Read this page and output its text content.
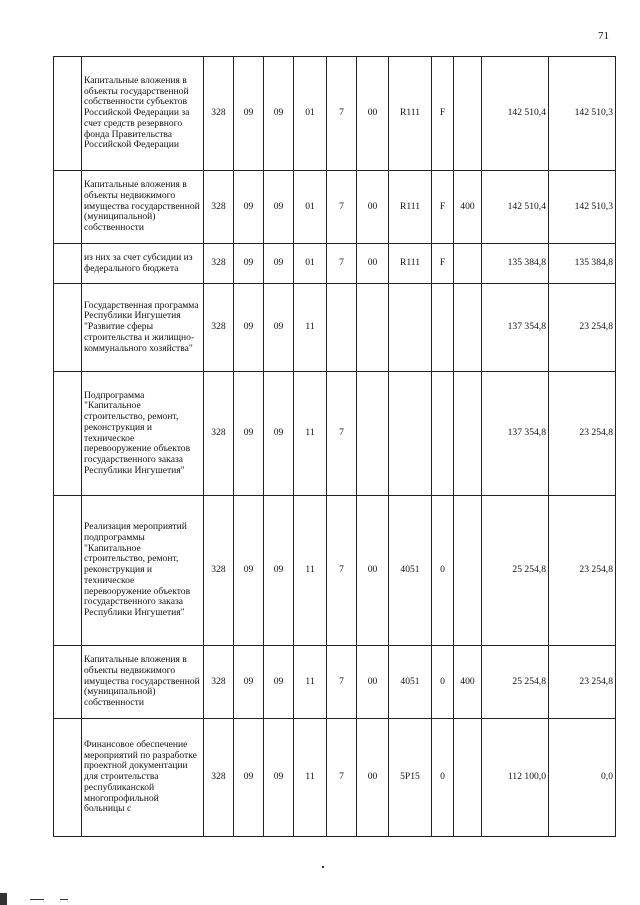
71
	Капитальные вложения в объекты государственной собственности субъектов Российской Федерации за счет средств резервного фонда Правительства Российской Федерации	328	09	09	01	7	00	R111	F		142 510,4	142 510,3
	Капитальные вложения в объекты недвижимого имущества государственной (муниципальной) собственности	328	09	09	01	7	00	R111	F	400	142 510,4	142 510,3
	из них за счет субсидии из федерального бюджета	328	09	09	01	7	00	R111	F		135 384,8	135 384,8
	Государственная программа Республики Ингушетия "Развитие сферы строительства и жилищно-коммунального хозяйства"	328	09	09	11						137 354,8	23 254,8
	Подпрограмма "Капитальное строительство, ремонт, реконструкция и техническое перевооружение объектов государственного заказа Республики Ингушетия"	328	09	09	11	7					137 354,8	23 254,8
	Реализация мероприятий подпрограммы "Капитальное строительство, ремонт, реконструкция и техническое перевооружение объектов государственного заказа Республики Ингушетия"	328	09	09	11	7	00	4051	0		25 254,8	23 254,8
	Капитальные вложения в объекты недвижимого имущества государственной (муниципальной) собственности	328	09	09	11	7	00	4051	0	400	25 254,8	23 254,8
	Финансовое обеспечение мероприятий по разработке проектной документации для строительства республиканской многопрофильной больницы с	328	09	09	11	7	00	5P15	0		112 100,0	0,0
